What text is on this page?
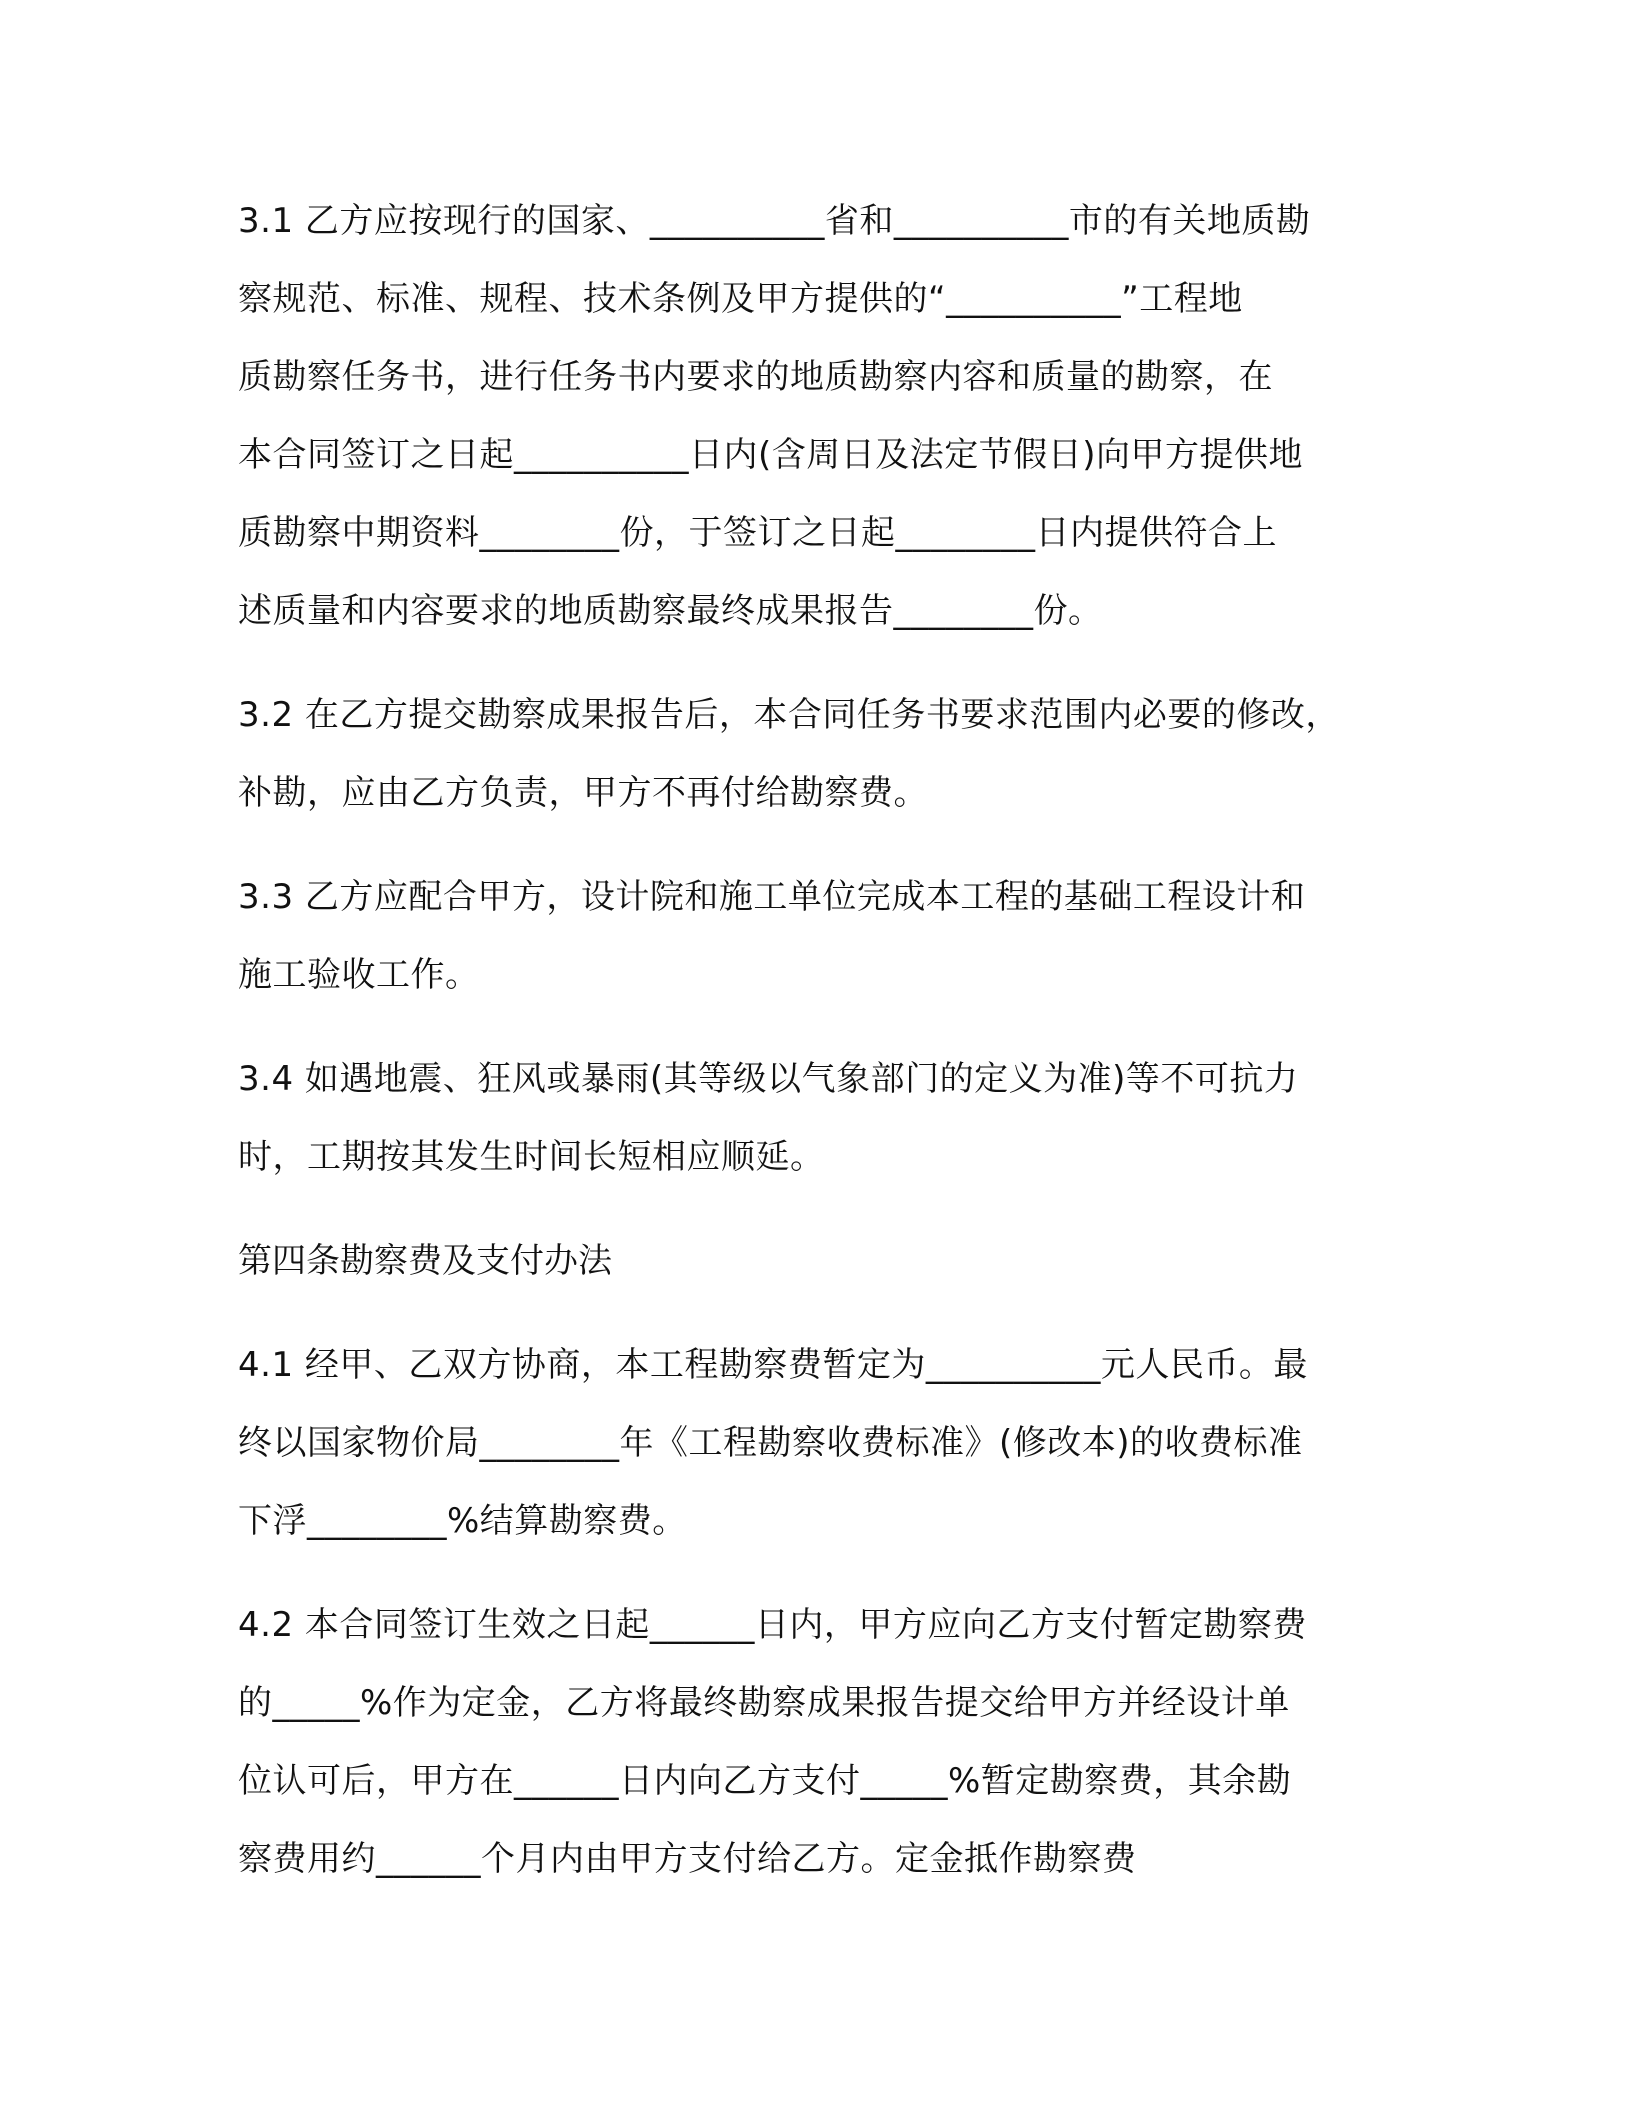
3.1 乙方应按现行的国家、__________省和__________市的有关地质勘
察规范、标准、规程、技术条例及甲方提供的“__________”工程地
质勘察任务书，进行任务书内要求的地质勘察内容和质量的勘察，在
本合同签订之日起__________日内(含周日及法定节假日)向甲方提供地
质勘察中期资料________份，于签订之日起________日内提供符合上
述质量和内容要求的地质勘察最终成果报告________份。

3.2 在乙方提交勘察成果报告后，本合同任务书要求范围内必要的修改，
补勘，应由乙方负责，甲方不再付给勘察费。

3.3 乙方应配合甲方，设计院和施工单位完成本工程的基础工程设计和
施工验收工作。

3.4 如遇地震、狂风或暴雨(其等级以气象部门的定义为准)等不可抗力
时，工期按其发生时间长短相应顺延。

第四条勘察费及支付办法

4.1 经甲、乙双方协商，本工程勘察费暂定为__________元人民币。最
终以国家物价局________年《工程勘察收费标准》(修改本)的收费标准
下浮________%结算勘察费。

4.2 本合同签订生效之日起______日内，甲方应向乙方支付暂定勘察费
的_____%作为定金，乙方将最终勘察成果报告提交给甲方并经设计单
位认可后，甲方在______日内向乙方支付_____%暂定勘察费，其余勘
察费用约______个月内由甲方支付给乙方。定金抵作勘察费
